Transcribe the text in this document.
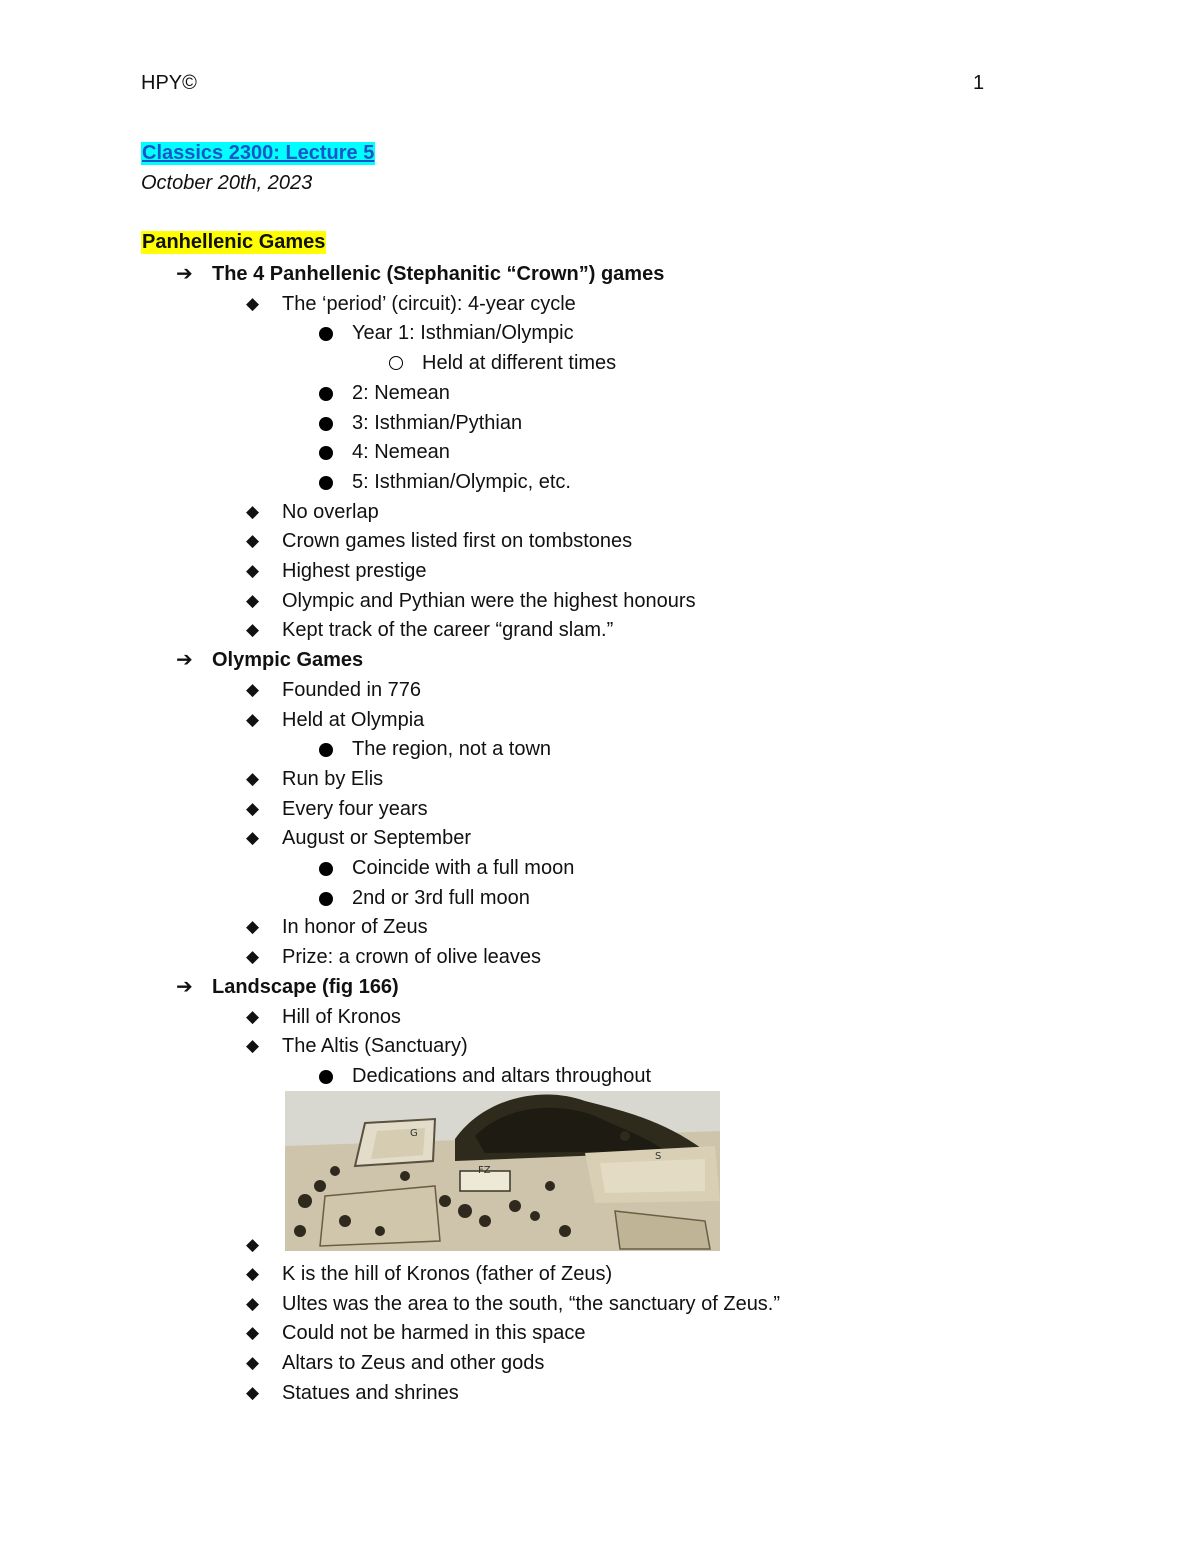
HPY©	1
Classics 2300: Lecture 5
October 20th, 2023
Panhellenic Games
➔ The 4 Panhellenic (Stephanitic “Crown”) games
◆ The ‘period’ (circuit): 4-year cycle
Year 1: Isthmian/Olympic
Held at different times
2: Nemean
3: Isthmian/Pythian
4: Nemean
5: Isthmian/Olympic, etc.
◆ No overlap
◆ Crown games listed first on tombstones
◆ Highest prestige
◆ Olympic and Pythian were the highest honours
◆ Kept track of the career “grand slam.”
➔ Olympic Games
◆ Founded in 776
◆ Held at Olympia
The region, not a town
◆ Run by Elis
◆ Every four years
◆ August or September
Coincide with a full moon
2nd or 3rd full moon
◆ In honor of Zeus
◆ Prize: a crown of olive leaves
➔ Landscape (fig 166)
◆ Hill of Kronos
◆ The Altis (Sanctuary)
Dedications and altars throughout
◆
G
FZ
S
◆ K is the hill of Kronos (father of Zeus)
◆ Ultes was the area to the south, “the sanctuary of Zeus.”
◆ Could not be harmed in this space
◆ Altars to Zeus and other gods
◆ Statues and shrines
